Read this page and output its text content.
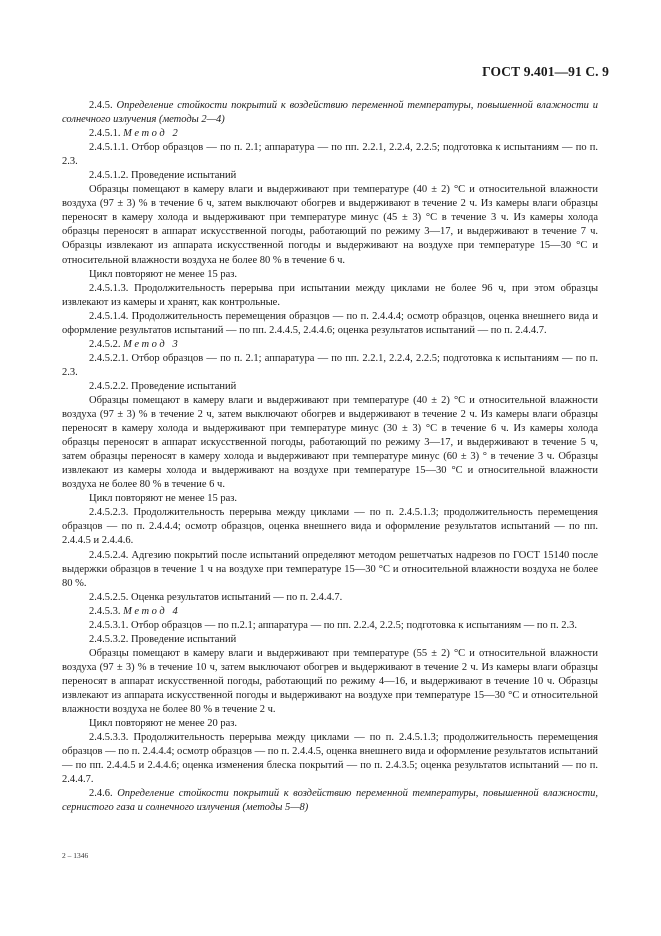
ГОСТ 9.401—91 С. 9

2.4.5. Определение стойкости покрытий к воздействию переменной температуры, повышенной влажности и солнечного излучения (методы 2—4)

2.4.5.1. Метод 2

2.4.5.1.1. Отбор образцов — по п. 2.1; аппаратура — по пп. 2.2.1, 2.2.4, 2.2.5; подготовка к испытаниям — по п. 2.3.

2.4.5.1.2. Проведение испытаний

Образцы помещают в камеру влаги и выдерживают при температуре (40 ± 2) °С и относительной влажности воздуха (97 ± 3) % в течение 6 ч, затем выключают обогрев и выдерживают в течение 2 ч. Из камеры влаги образцы переносят в камеру холода и выдерживают при температуре минус (45 ± 3) °С в течение 3 ч. Из камеры холода образцы переносят в аппарат искусственной погоды, работающий по режиму 3—17, и выдерживают в течение 7 ч. Образцы извлекают из аппарата искусственной погоды и выдерживают на воздухе при температуре 15—30 °С и относительной влажности воздуха не более 80 % в течение 6 ч.

Цикл повторяют не менее 15 раз.

2.4.5.1.3. Продолжительность перерыва при испытании между циклами не более 96 ч, при этом образцы извлекают из камеры и хранят, как контрольные.

2.4.5.1.4. Продолжительность перемещения образцов — по п. 2.4.4.4; осмотр образцов, оценка внешнего вида и оформление результатов испытаний — по пп. 2.4.4.5, 2.4.4.6; оценка результатов испытаний — по п. 2.4.4.7.

2.4.5.2. Метод 3

2.4.5.2.1. Отбор образцов — по п. 2.1; аппаратура — по пп. 2.2.1, 2.2.4, 2.2.5; подготовка к испытаниям — по п. 2.3.

2.4.5.2.2. Проведение испытаний

Образцы помещают в камеру влаги и выдерживают при температуре (40 ± 2) °С и относительной влажности воздуха (97 ± 3) % в течение 2 ч, затем выключают обогрев и выдерживают в течение 2 ч. Из камеры влаги образцы переносят в камеру холода и выдерживают при температуре минус (30 ± 3) °С в течение 6 ч. Из камеры холода образцы переносят в аппарат искусственной погоды, работающий по режиму 3—17, и выдерживают в течение 5 ч, затем образцы переносят в камеру холода и выдерживают при температуре минус (60 ± 3) ° в течение 3 ч. Образцы извлекают из камеры холода и выдерживают на воздухе при температуре 15—30 °С и относительной влажности воздуха не более 80 % в течение 6 ч.

Цикл повторяют не менее 15 раз.

2.4.5.2.3. Продолжительность перерыва между циклами — по п. 2.4.5.1.3; продолжительность перемещения образцов — по п. 2.4.4.4; осмотр образцов, оценка внешнего вида и оформление результатов испытаний — по пп. 2.4.4.5 и 2.4.4.6.

2.4.5.2.4. Адгезию покрытий после испытаний определяют методом решетчатых надрезов по ГОСТ 15140 после выдержки образцов в течение 1 ч на воздухе при температуре 15—30 °С и относительной влажности воздуха не более 80 %.

2.4.5.2.5. Оценка результатов испытаний — по п. 2.4.4.7.

2.4.5.3. Метод 4

2.4.5.3.1. Отбор образцов — по п.2.1; аппаратура — по пп. 2.2.4, 2.2.5; подготовка к испытаниям — по п. 2.3.

2.4.5.3.2. Проведение испытаний

Образцы помещают в камеру влаги и выдерживают при температуре (55 ± 2) °С и относительной влажности воздуха (97 ± 3) % в течение 10 ч, затем выключают обогрев и выдерживают в течение 2 ч. Из камеры влаги образцы переносят в аппарат искусственной погоды, работающий по режиму 4—16, и выдерживают в течение 10 ч. Образцы извлекают из аппарата искусственной погоды и выдерживают на воздухе при температуре 15—30 °С и относительной влажности воздуха не более 80 % в течение 2 ч.

Цикл повторяют не менее 20 раз.

2.4.5.3.3. Продолжительность перерыва между циклами — по п. 2.4.5.1.3; продолжительность перемещения образцов — по п. 2.4.4.4; осмотр образцов — по п. 2.4.4.5, оценка внешнего вида и оформление результатов испытаний — по пп. 2.4.4.5 и 2.4.4.6; оценка изменения блеска покрытий — по п. 2.4.3.5; оценка результатов испытаний — по п. 2.4.4.7.

2.4.6. Определение стойкости покрытий к воздействию переменной температуры, повышенной влажности, сернистого газа и солнечного излучения (методы 5—8)

2 – 1346
